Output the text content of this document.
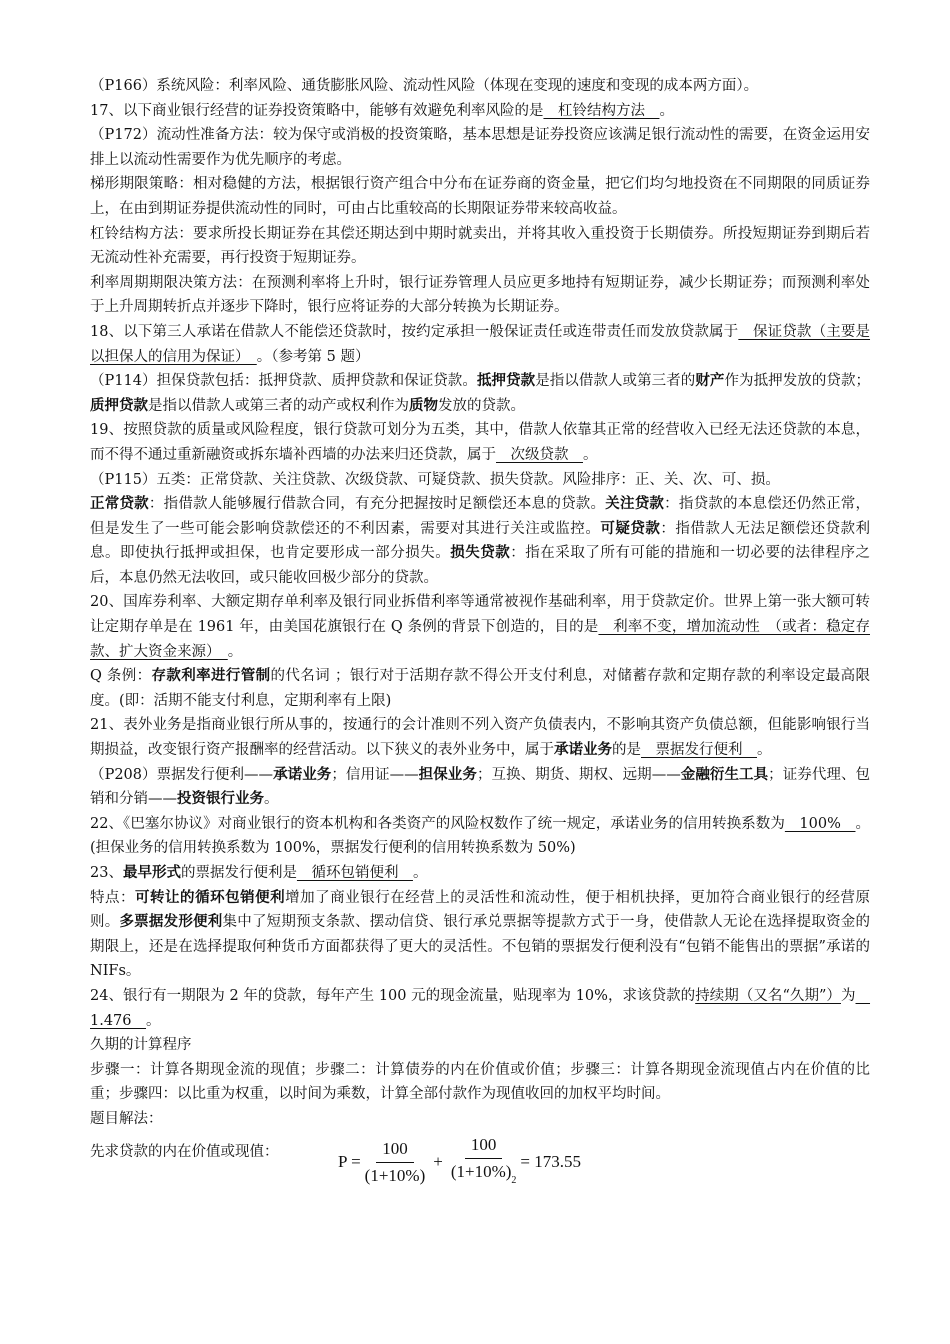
（P166）系统风险：利率风险、通货膨胀风险、流动性风险（体现在变现的速度和变现的成本两方面）。

17、以下商业银行经营的证券投资策略中，能够有效避免利率风险的是　杠铃结构方法　。

（P172）流动性准备方法：较为保守或消极的投资策略，基本思想是证券投资应该满足银行流动性的需要，在资金运用安排上以流动性需要作为优先顺序的考虑。

梯形期限策略：相对稳健的方法，根据银行资产组合中分布在证券商的资金量，把它们均匀地投资在不同期限的同质证券上，在由到期证券提供流动性的同时，可由占比重较高的长期限证券带来较高收益。

杠铃结构方法：要求所投长期证券在其偿还期达到中期时就卖出，并将其收入重投资于长期债券。所投短期证券到期后若无流动性补充需要，再行投资于短期证券。

利率周期期限决策方法：在预测利率将上升时，银行证券管理人员应更多地持有短期证券，减少长期证券；而预测利率处于上升周期转折点并逐步下降时，银行应将证券的大部分转换为长期证券。

18、以下第三人承诺在借款人不能偿还贷款时，按约定承担一般保证责任或连带责任而发放贷款属于　保证贷款（主要是以担保人的信用为保证）　。（参考第 5 题）

（P114）担保贷款包括：抵押贷款、质押贷款和保证贷款。抵押贷款是指以借款人或第三者的财产作为抵押发放的贷款；质押贷款是指以借款人或第三者的动产或权利作为质物发放的贷款。

19、按照贷款的质量或风险程度，银行贷款可划分为五类，其中，借款人依靠其正常的经营收入已经无法还贷款的本息，而不得不通过重新融资或拆东墙补西墙的办法来归还贷款，属于　次级贷款　。

（P115）五类：正常贷款、关注贷款、次级贷款、可疑贷款、损失贷款。风险排序：正、关、次、可、损。

正常贷款：指借款人能够履行借款合同，有充分把握按时足额偿还本息的贷款。关注贷款：指贷款的本息偿还仍然正常，但是发生了一些可能会影响贷款偿还的不利因素，需要对其进行关注或监控。可疑贷款：指借款人无法足额偿还贷款利息。即使执行抵押或担保，也肯定要形成一部分损失。损失贷款：指在采取了所有可能的措施和一切必要的法律程序之后，本息仍然无法收回，或只能收回极少部分的贷款。

20、国库券利率、大额定期存单利率及银行同业拆借利率等通常被视作基础利率，用于贷款定价。世界上第一张大额可转让定期存单是在 1961 年，由美国花旗银行在 Q 条例的背景下创造的，目的是　利率不变，增加流动性　（或者：稳定存款、扩大资金来源）　。

Q 条例：存款利率进行管制的代名词 ；银行对于活期存款不得公开支付利息，对储蓄存款和定期存款的利率设定最高限度。(即：活期不能支付利息，定期利率有上限)

21、表外业务是指商业银行所从事的，按通行的会计准则不列入资产负债表内，不影响其资产负债总额，但能影响银行当期损益，改变银行资产报酬率的经营活动。以下狭义的表外业务中，属于承诺业务的是　票据发行便利　。

（P208）票据发行便利——承诺业务；信用证——担保业务；互换、期货、期权、远期——金融衍生工具；证券代理、包销和分销——投资银行业务。

22、《巴塞尔协议》对商业银行的资本机构和各类资产的风险权数作了统一规定，承诺业务的信用转换系数为　100%　。(担保业务的信用转换系数为 100%，票据发行便利的信用转换系数为 50%)

23、最早形式的票据发行便利是　循环包销便利　。

特点：可转让的循环包销便利增加了商业银行在经营上的灵活性和流动性，便于相机抉择，更加符合商业银行的经营原则。多票据发形便利集中了短期预支条款、摆动信贷、银行承兑票据等提款方式于一身，使借款人无论在选择提取资金的期限上，还是在选择提取何种货币方面都获得了更大的灵活性。不包销的票据发行便利没有“包销不能售出的票据”承诺的 NIFs。

24、银行有一期限为 2 年的贷款，每年产生 100 元的现金流量，贴现率为 10%，求该贷款的持续期（又名“久期”）为　1.476　。

久期的计算程序

步骤一：计算各期现金流的现值；步骤二：计算债券的内在价值或价值；步骤三：计算各期现金流现值占内在价值的比重；步骤四：以比重为权重，以时间为乘数，计算全部付款作为现值收回的加权平均时间。

题目解法：

先求贷款的内在价值或现值：
$P = \frac{100}{(1+10\%)} + \frac{100}{(1+10\%)^2} = 173.55$
